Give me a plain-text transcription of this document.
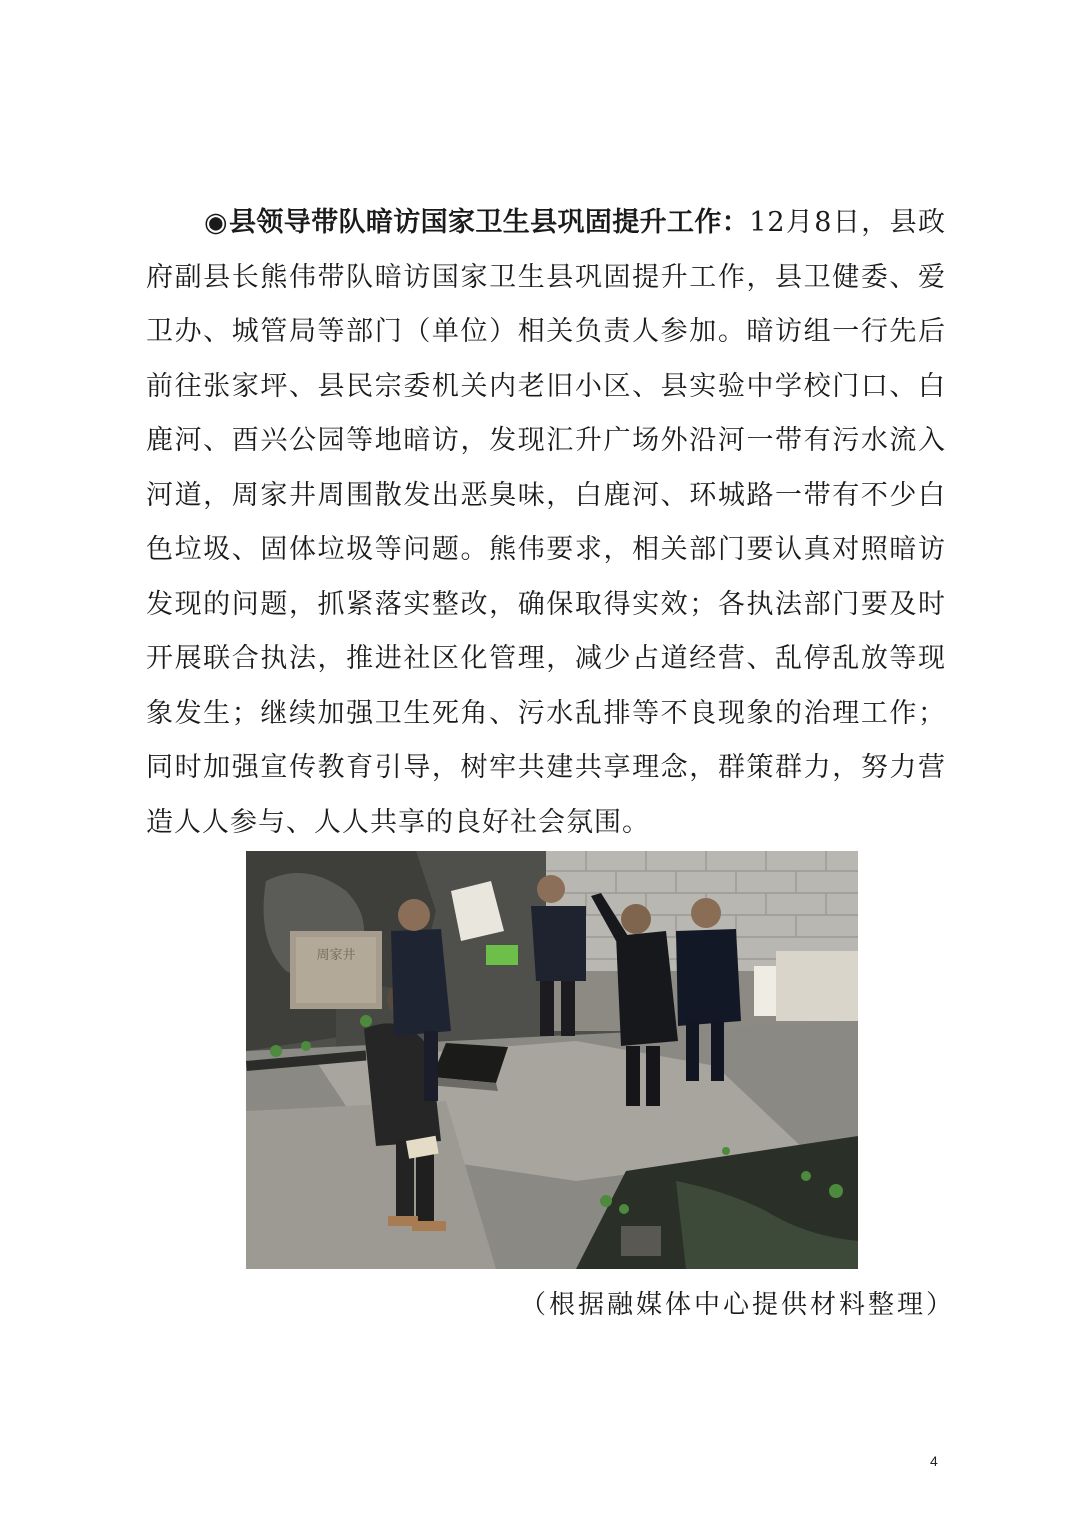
◉县领导带队暗访国家卫生县巩固提升工作：12月8日，县政府副县长熊伟带队暗访国家卫生县巩固提升工作，县卫健委、爱卫办、城管局等部门（单位）相关负责人参加。暗访组一行先后前往张家坪、县民宗委机关内老旧小区、县实验中学校门口、白鹿河、酉兴公园等地暗访，发现汇升广场外沿河一带有污水流入河道，周家井周围散发出恶臭味，白鹿河、环城路一带有不少白色垃圾、固体垃圾等问题。熊伟要求，相关部门要认真对照暗访发现的问题，抓紧落实整改，确保取得实效；各执法部门要及时开展联合执法，推进社区化管理，减少占道经营、乱停乱放等现象发生；继续加强卫生死角、污水乱排等不良现象的治理工作；同时加强宣传教育引导，树牢共建共享理念，群策群力，努力营造人人参与、人人共享的良好社会氛围。

周家井
（根据融媒体中心提供材料整理）
4
